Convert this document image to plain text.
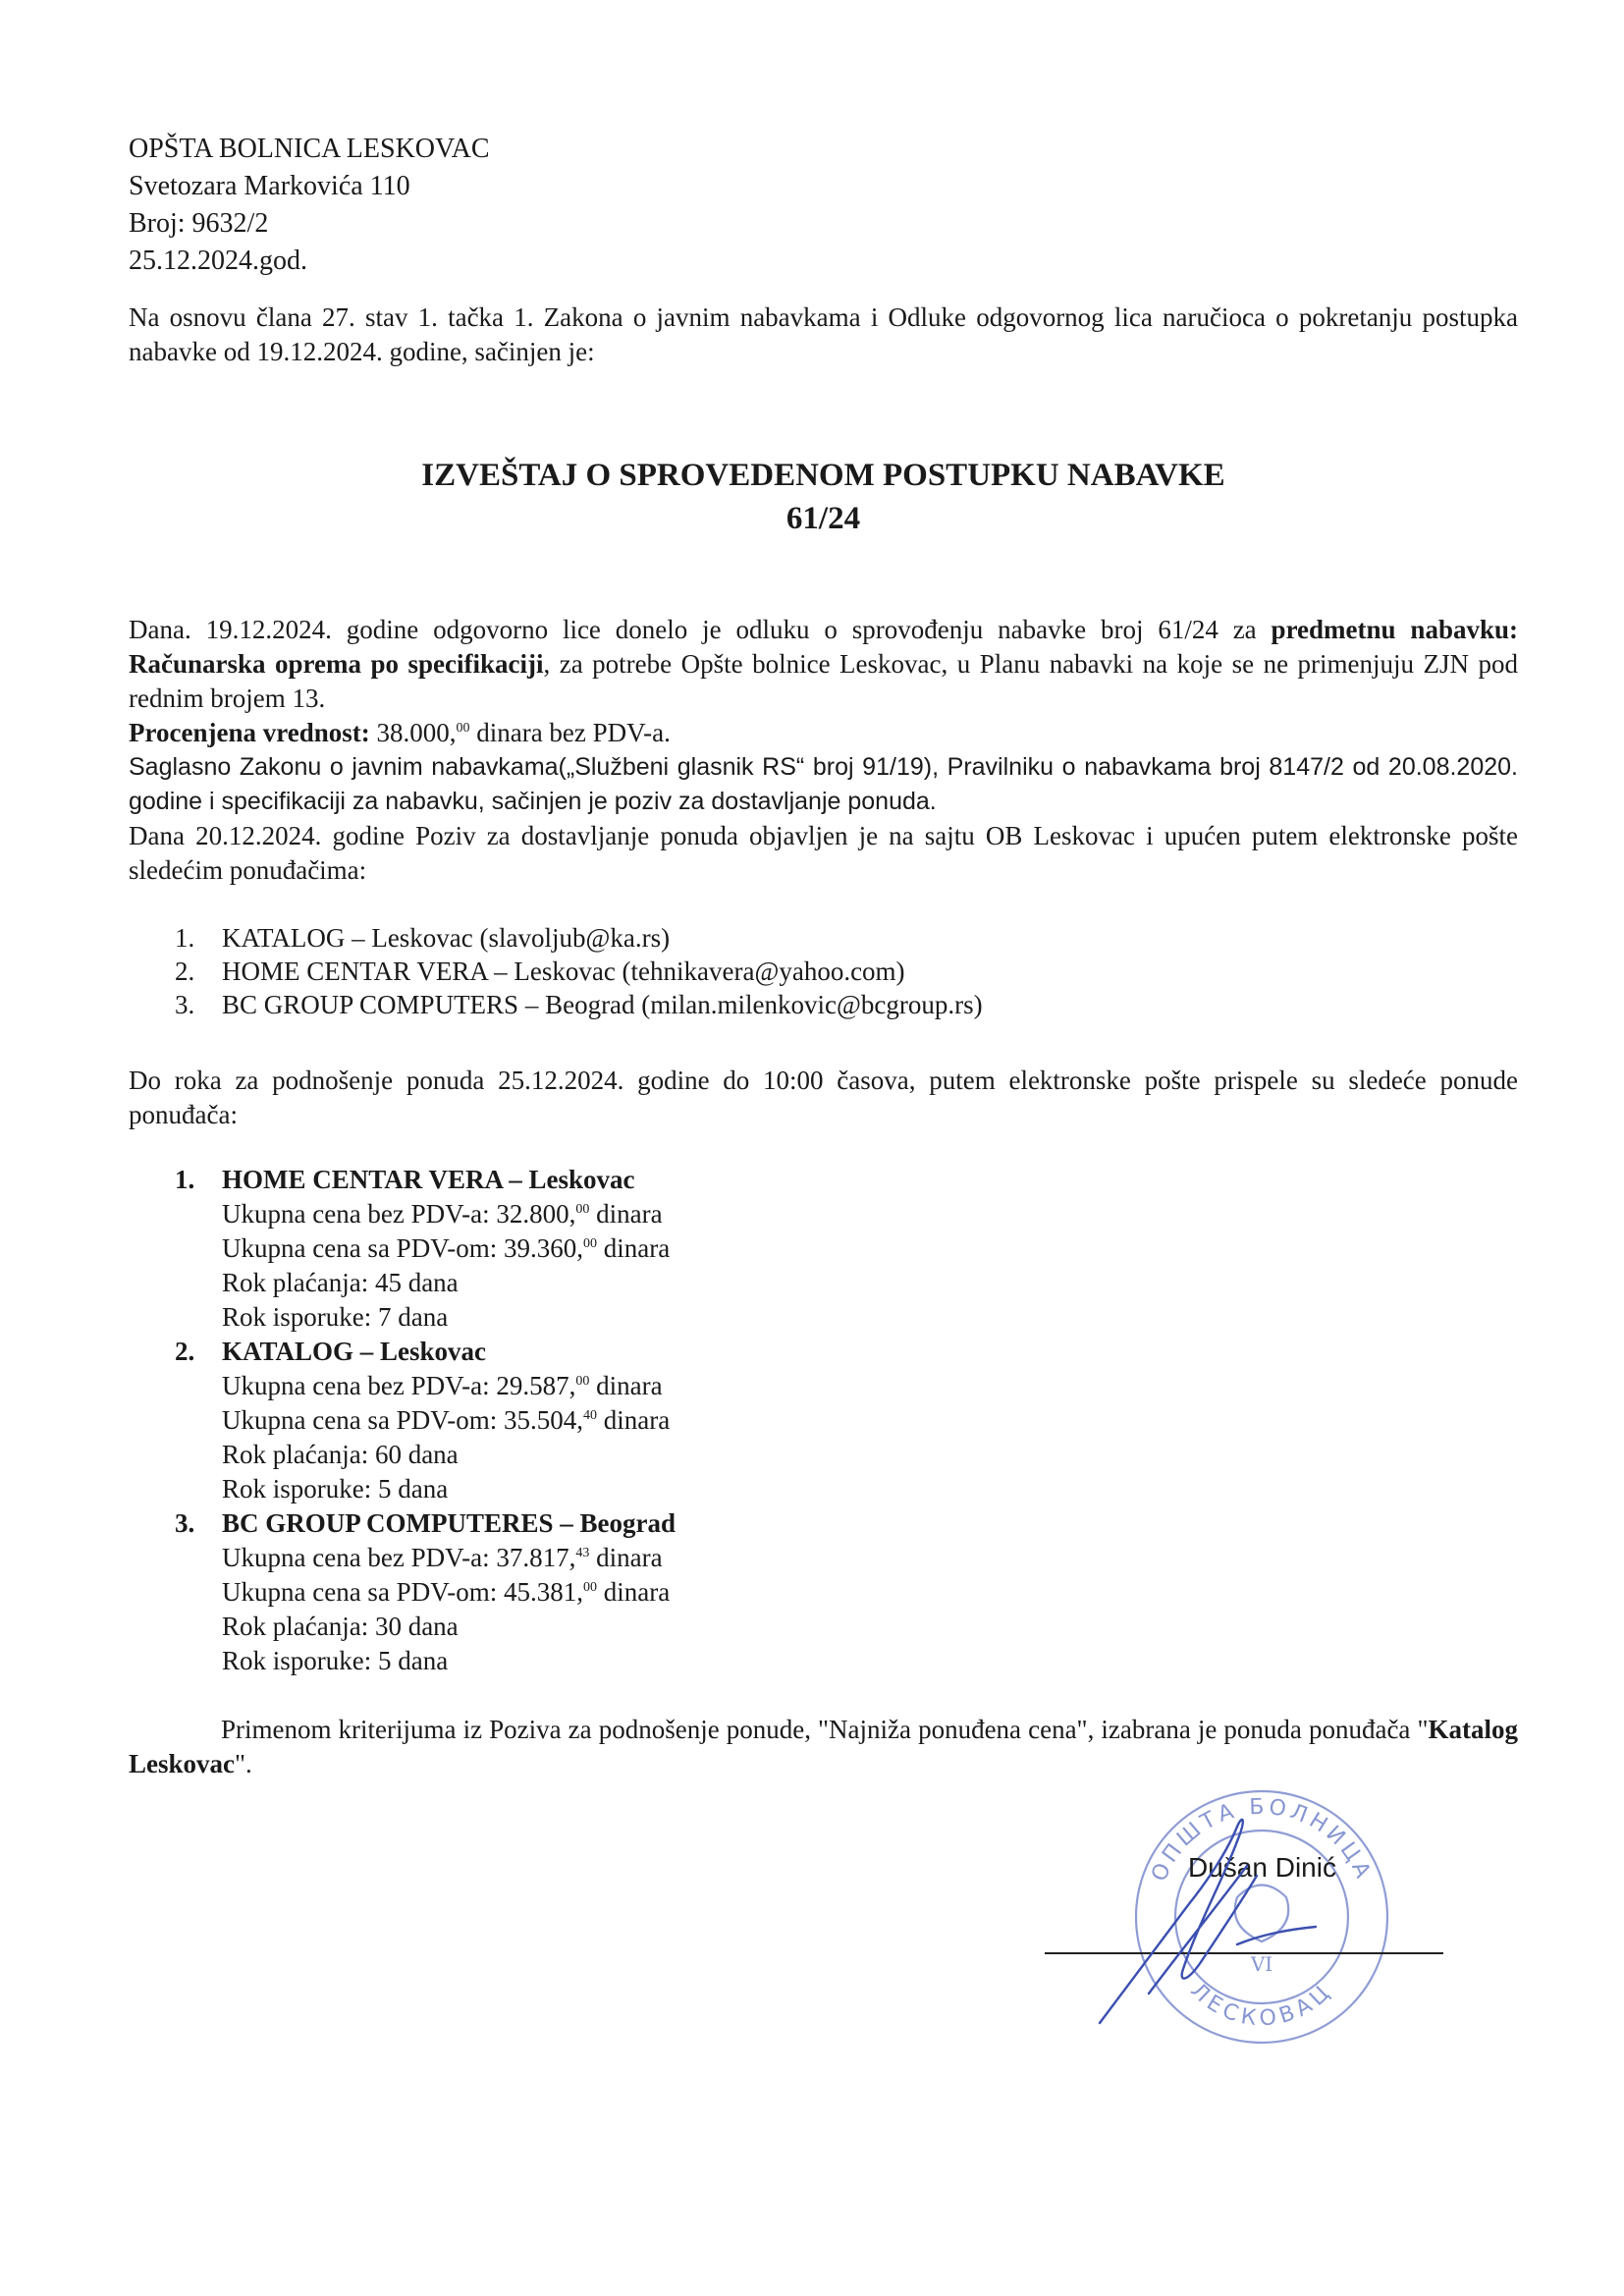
OPŠTA BOLNICA LESKOVAC
Svetozara Markovića 110
Broj: 9632/2
25.12.2024.god.
Na osnovu člana 27. stav 1. tačka 1. Zakona o javnim nabavkama i Odluke odgovornog lica naručioca o pokretanju postupka nabavke od 19.12.2024. godine, sačinjen je:
IZVEŠTAJ O SPROVEDENOM POSTUPKU NABAVKE
61/24
Dana. 19.12.2024. godine odgovorno lice donelo je odluku o sprovođenju nabavke broj 61/24 za predmetnu nabavku: Računarska oprema po specifikaciji, za potrebe Opšte bolnice Leskovac, u Planu nabavki na koje se ne primenjuju ZJN pod rednim brojem 13.
Procenjena vrednost: 38.000,00 dinara bez PDV-a.
Saglasno Zakonu o javnim nabavkama(„Službeni glasnik RS“ broj 91/19), Pravilniku o nabavkama broj 8147/2 od 20.08.2020. godine i specifikaciji za nabavku, sačinjen je poziv za dostavljanje ponuda.
Dana 20.12.2024. godine Poziv za dostavljanje ponuda objavljen je na sajtu OB Leskovac i upućen putem elektronske pošte sledećim ponuđačima:
1. KATALOG – Leskovac (slavoljub@ka.rs)
2. HOME CENTAR VERA – Leskovac (tehnikavera@yahoo.com)
3. BC GROUP COMPUTERS – Beograd (milan.milenkovic@bcgroup.rs)
Do roka za podnošenje ponuda 25.12.2024. godine do 10:00 časova, putem elektronske pošte prispele su sledeće ponude ponuđača:
1. HOME CENTAR VERA – Leskovac
Ukupna cena bez PDV-a: 32.800,00 dinara
Ukupna cena sa PDV-om: 39.360,00 dinara
Rok plaćanja: 45 dana
Rok isporuke: 7 dana
2. KATALOG – Leskovac
Ukupna cena bez PDV-a: 29.587,00 dinara
Ukupna cena sa PDV-om: 35.504,40 dinara
Rok plaćanja: 60 dana
Rok isporuke: 5 dana
3. BC GROUP COMPUTERES – Beograd
Ukupna cena bez PDV-a: 37.817,43 dinara
Ukupna cena sa PDV-om: 45.381,00 dinara
Rok plaćanja: 30 dana
Rok isporuke: 5 dana
Primenom kriterijuma iz Poziva za podnošenje ponude, "Najniža ponuđena cena", izabrana je ponuda ponuđača "Katalog Leskovac".
ОПШТА БОЛНИЦА
ЛЕСКОВАЦ
VI
Dušan Dinić
